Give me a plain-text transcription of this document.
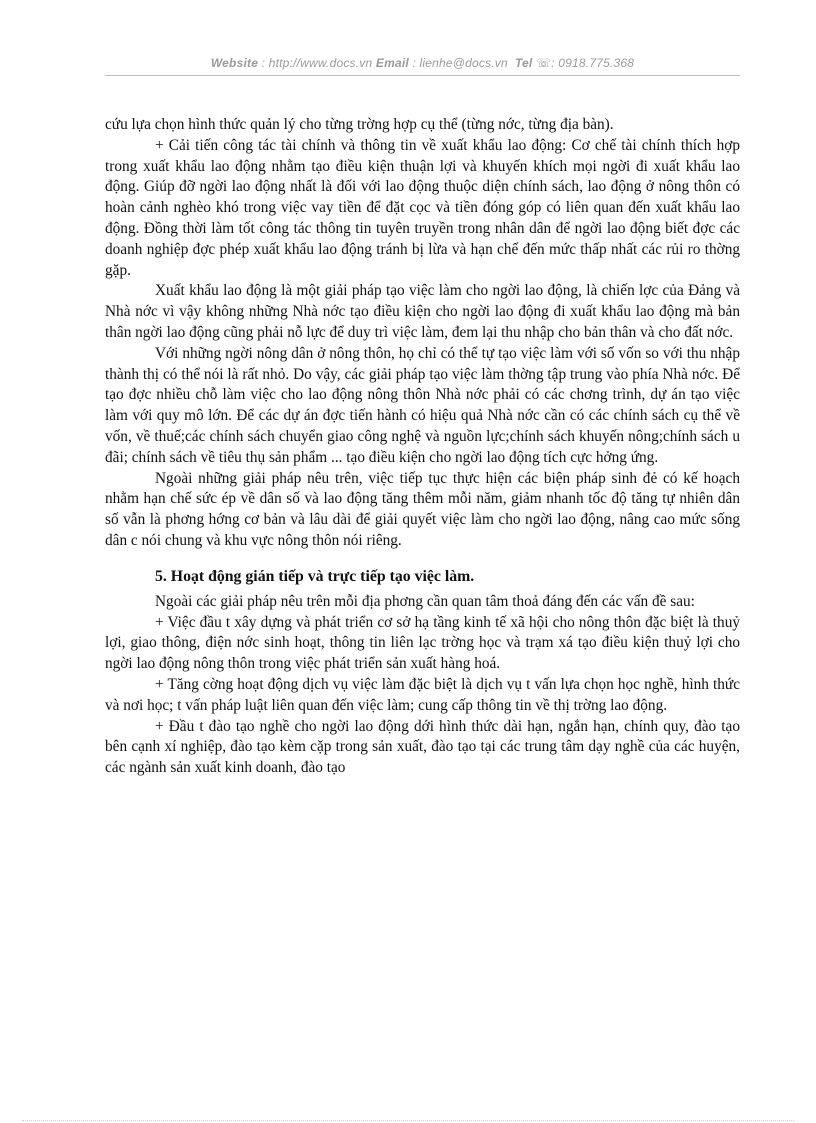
Website : http://www.docs.vn Email : lienhe@docs.vn Tel ☏: 0918.775.368

cứu lựa chọn hình thức quản lý cho từng trờng hợp cụ thể (từng nớc, từng địa bàn).

+ Cải tiến công tác tài chính và thông tin về xuất khẩu lao động: Cơ chế tài chính thích hợp trong xuất khẩu lao động nhằm tạo điều kiện thuận lợi và khuyến khích mọi ngời đi xuất khẩu lao động. Giúp đỡ ngời lao động nhất là đối với lao động thuộc diện chính sách, lao động ở nông thôn có hoàn cảnh nghèo khó trong việc vay tiền để đặt cọc và tiền đóng góp có liên quan đến xuất khẩu lao động. Đồng thời làm tốt công tác thông tin tuyên truyền trong nhân dân để ngời lao động biết đợc các doanh nghiệp đợc phép xuất khẩu lao động tránh bị lừa và hạn chế đến mức thấp nhất các rủi ro thờng gặp.

Xuất khẩu lao động là một giải pháp tạo việc làm cho ngời lao động, là chiến lợc của Đảng và Nhà nớc vì vậy không những Nhà nớc tạo điều kiện cho ngời lao động đi xuất khẩu lao động mà bản thân ngời lao động cũng phải nỗ lực để duy trì việc làm, đem lại thu nhập cho bản thân và cho đất nớc.

Với những ngời nông dân ở nông thôn, họ chỉ có thể tự tạo việc làm với số vốn so với thu nhập thành thị có thể nói là rất nhỏ. Do vậy, các giải pháp tạo việc làm thờng tập trung vào phía Nhà nớc. Để tạo đợc nhiều chỗ làm việc cho lao động nông thôn Nhà nớc phải có các chơng trình, dự án tạo việc làm với quy mô lớn. Để các dự án đợc tiến hành có hiệu quả Nhà nớc cần có các chính sách cụ thể về vốn, về thuế;các chính sách chuyển giao công nghệ và nguồn lực;chính sách khuyến nông;chính sách u đãi; chính sách về tiêu thụ sản phẩm ... tạo điều kiện cho ngời lao động tích cực hởng ứng.

Ngoài những giải pháp nêu trên, việc tiếp tục thực hiện các biện pháp sinh đẻ có kế hoạch nhằm hạn chế sức ép về dân số và lao động tăng thêm mỗi năm, giảm nhanh tốc độ tăng tự nhiên dân số vẫn là phơng hớng cơ bản và lâu dài để giải quyết việc làm cho ngời lao động, nâng cao mức sống dân c nói chung và khu vực nông thôn nói riêng.

5. Hoạt động gián tiếp và trực tiếp tạo việc làm.

Ngoài các giải pháp nêu trên mỗi địa phơng cần quan tâm thoả đáng đến các vấn đề sau:

+ Việc đầu t xây dựng và phát triển cơ sở hạ tầng kinh tế xã hội cho nông thôn đặc biệt là thuỷ lợi, giao thông, điện nớc sinh hoạt, thông tin liên lạc trờng học và trạm xá tạo điều kiện thuỷ lợi cho ngời lao động nông thôn trong việc phát triển sản xuất hàng hoá.

+ Tăng cờng hoạt động dịch vụ việc làm đặc biệt là dịch vụ t vấn lựa chọn học nghề, hình thức và nơi học; t vấn pháp luật liên quan đến việc làm; cung cấp thông tin về thị trờng lao động.

+ Đầu t đào tạo nghề cho ngời lao động dới hình thức dài hạn, ngắn hạn, chính quy, đào tạo bên cạnh xí nghiệp, đào tạo kèm cặp trong sản xuất, đào tạo tại các trung tâm dạy nghề của các huyện, các ngành sản xuất kinh doanh, đào tạo
